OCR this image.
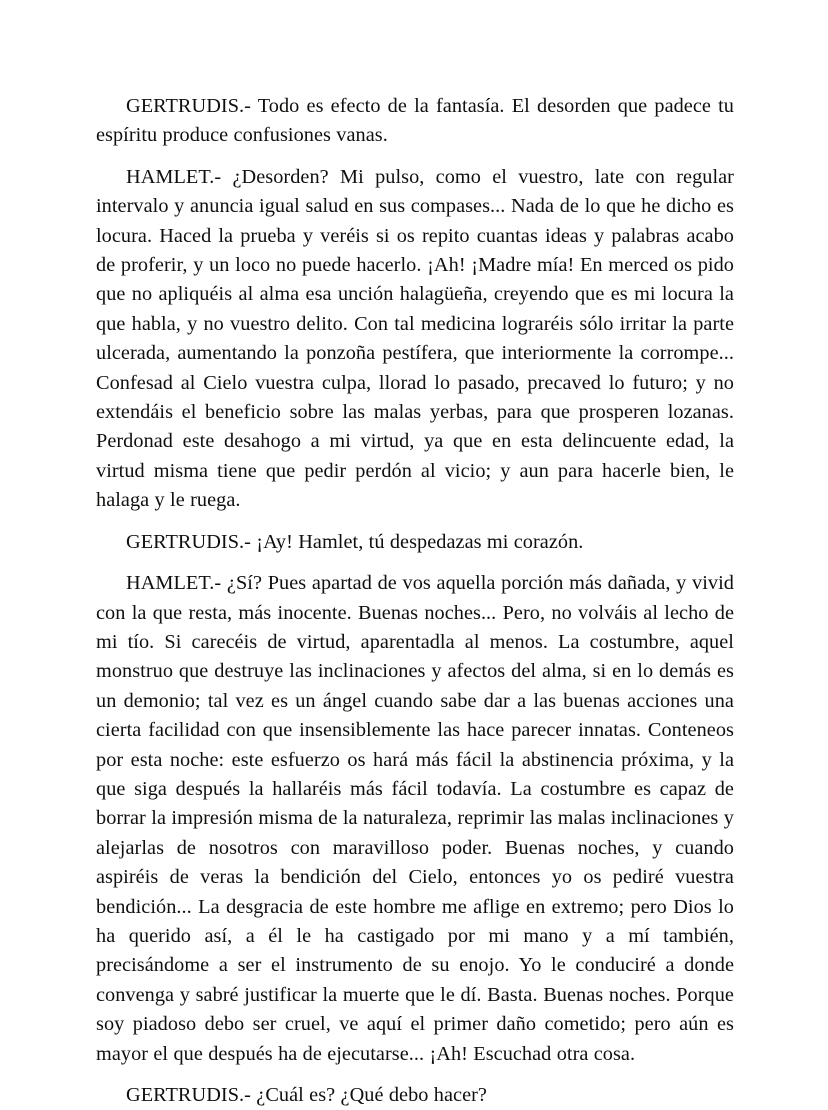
GERTRUDIS.- Todo es efecto de la fantasía. El desorden que padece tu espíritu produce confusiones vanas.

HAMLET.- ¿Desorden? Mi pulso, como el vuestro, late con regular intervalo y anuncia igual salud en sus compases... Nada de lo que he dicho es locura. Haced la prueba y veréis si os repito cuantas ideas y palabras acabo de proferir, y un loco no puede hacerlo. ¡Ah! ¡Madre mía! En merced os pido que no apliquéis al alma esa unción halagüeña, creyendo que es mi locura la que habla, y no vuestro delito. Con tal medicina lograréis sólo irritar la parte ulcerada, aumentando la ponzoña pestífera, que interiormente la corrompe... Confesad al Cielo vuestra culpa, llorad lo pasado, precaved lo futuro; y no extendáis el beneficio sobre las malas yerbas, para que prosperen lozanas. Perdonad este desahogo a mi virtud, ya que en esta delincuente edad, la virtud misma tiene que pedir perdón al vicio; y aun para hacerle bien, le halaga y le ruega.

GERTRUDIS.- ¡Ay! Hamlet, tú despedazas mi corazón.

HAMLET.- ¿Sí? Pues apartad de vos aquella porción más dañada, y vivid con la que resta, más inocente. Buenas noches... Pero, no volváis al lecho de mi tío. Si carecéis de virtud, aparentadla al menos. La costumbre, aquel monstruo que destruye las inclinaciones y afectos del alma, si en lo demás es un demonio; tal vez es un ángel cuando sabe dar a las buenas acciones una cierta facilidad con que insensiblemente las hace parecer innatas. Conteneos por esta noche: este esfuerzo os hará más fácil la abstinencia próxima, y la que siga después la hallaréis más fácil todavía. La costumbre es capaz de borrar la impresión misma de la naturaleza, reprimir las malas inclinaciones y alejarlas de nosotros con maravilloso poder. Buenas noches, y cuando aspiréis de veras la bendición del Cielo, entonces yo os pediré vuestra bendición... La desgracia de este hombre me aflige en extremo; pero Dios lo ha querido así, a él le ha castigado por mi mano y a mí también, precisándome a ser el instrumento de su enojo. Yo le conduciré a donde convenga y sabré justificar la muerte que le dí. Basta. Buenas noches. Porque soy piadoso debo ser cruel, ve aquí el primer daño cometido; pero aún es mayor el que después ha de ejecutarse... ¡Ah! Escuchad otra cosa.

GERTRUDIS.- ¿Cuál es? ¿Qué debo hacer?
